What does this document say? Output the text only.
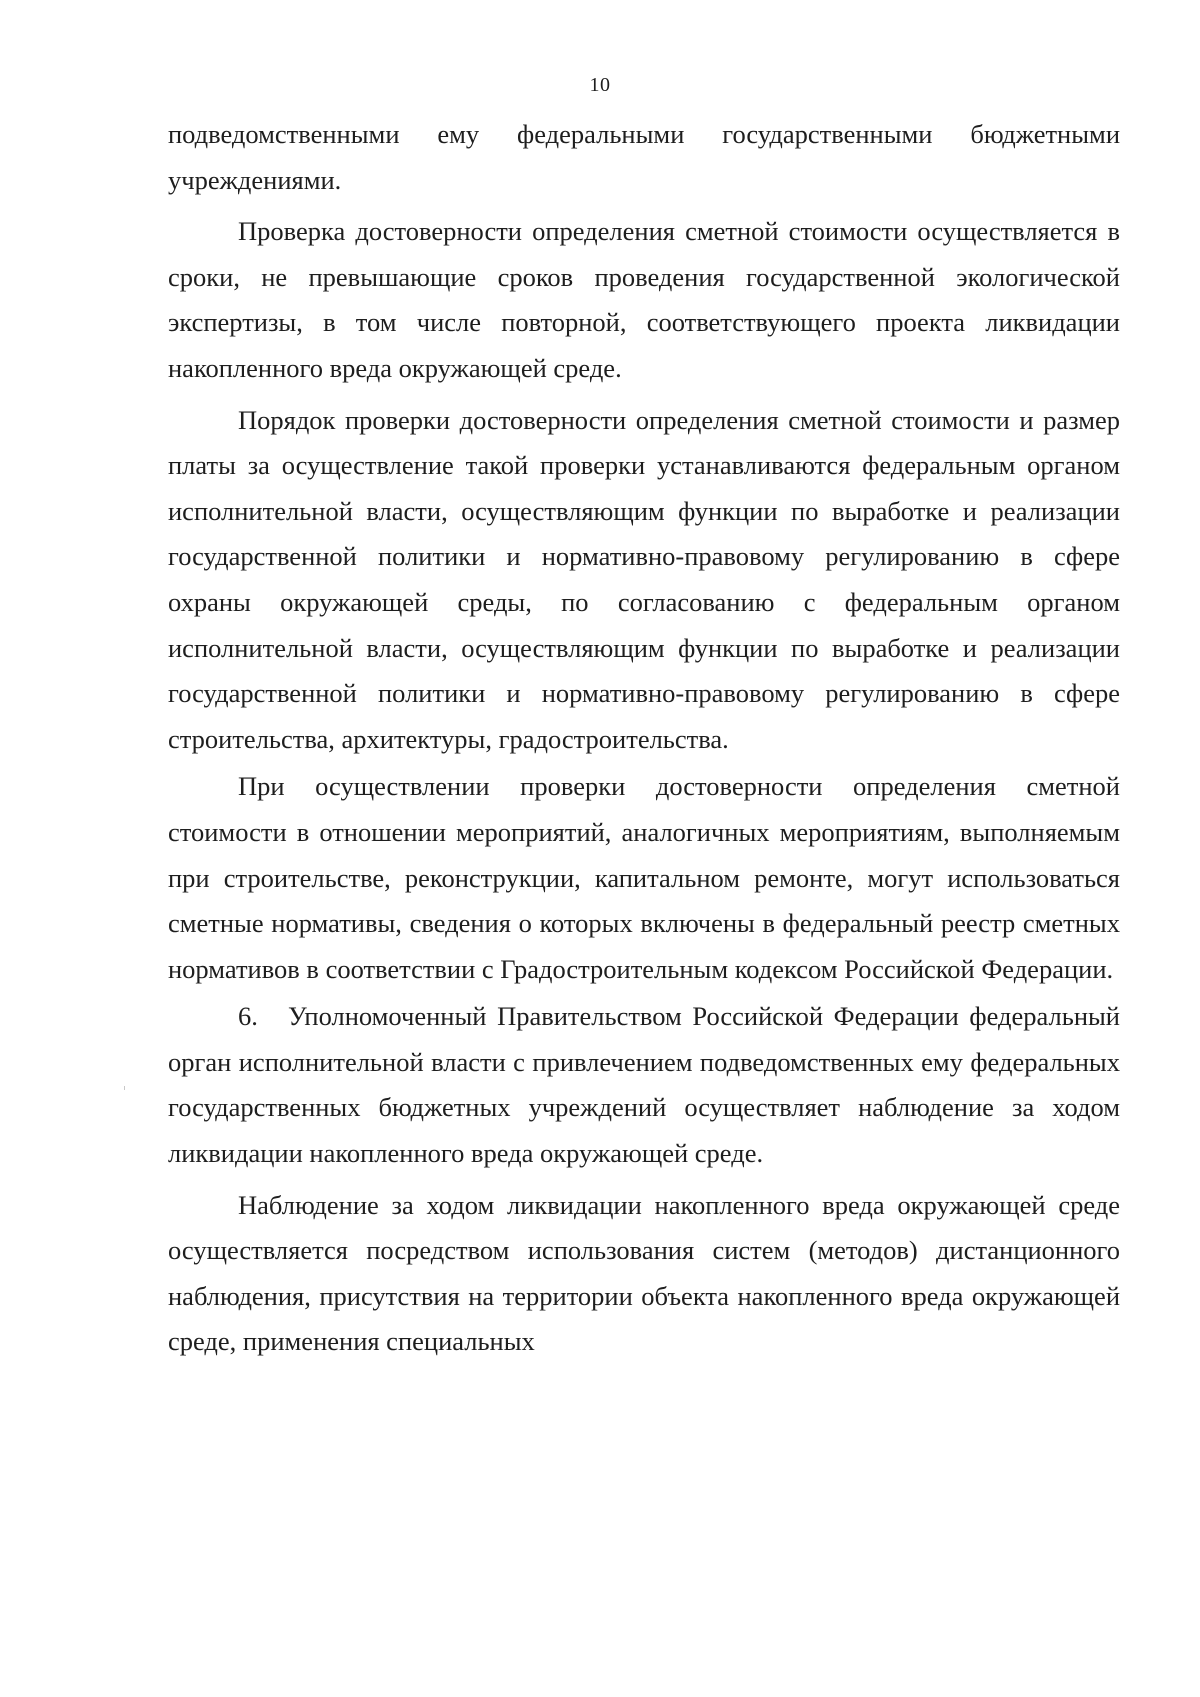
10

подведомственными ему федеральными государственными бюджетными учреждениями.

Проверка достоверности определения сметной стоимости осуществляется в сроки, не превышающие сроков проведения государственной экологической экспертизы, в том числе повторной, соответствующего проекта ликвидации накопленного вреда окружающей среде.

Порядок проверки достоверности определения сметной стоимости и размер платы за осуществление такой проверки устанавливаются федеральным органом исполнительной власти, осуществляющим функции по выработке и реализации государственной политики и нормативно-правовому регулированию в сфере охраны окружающей среды, по согласованию с федеральным органом исполнительной власти, осуществляющим функции по выработке и реализации государственной политики и нормативно-правовому регулированию в сфере строительства, архитектуры, градостроительства.

При осуществлении проверки достоверности определения сметной стоимости в отношении мероприятий, аналогичных мероприятиям, выполняемым при строительстве, реконструкции, капитальном ремонте, могут использоваться сметные нормативы, сведения о которых включены в федеральный реестр сметных нормативов в соответствии с Градостроительным кодексом Российской Федерации.

6. Уполномоченный Правительством Российской Федерации федеральный орган исполнительной власти с привлечением подведомственных ему федеральных государственных бюджетных учреждений осуществляет наблюдение за ходом ликвидации накопленного вреда окружающей среде.

Наблюдение за ходом ликвидации накопленного вреда окружающей среде осуществляется посредством использования систем (методов) дистанционного наблюдения, присутствия на территории объекта накопленного вреда окружающей среде, применения специальных
